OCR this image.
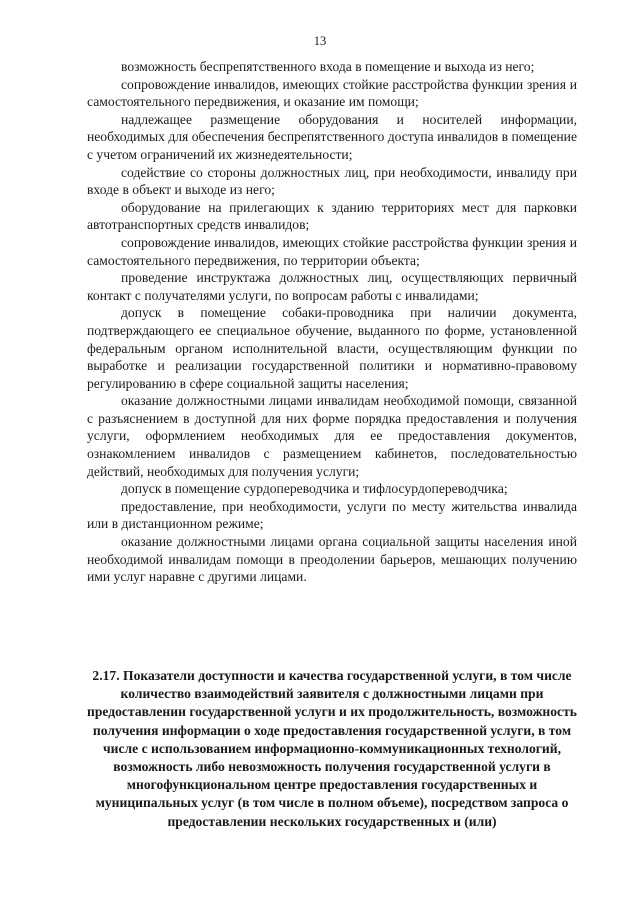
13

возможность беспрепятственного входа в помещение и выхода из него;

сопровождение инвалидов, имеющих стойкие расстройства функции зрения и самостоятельного передвижения, и оказание им помощи;

надлежащее размещение оборудования и носителей информации, необходимых для обеспечения беспрепятственного доступа инвалидов в помещение с учетом ограничений их жизнедеятельности;

содействие со стороны должностных лиц, при необходимости, инвалиду при входе в объект и выходе из него;

оборудование на прилегающих к зданию территориях мест для парковки автотранспортных средств инвалидов;

сопровождение инвалидов, имеющих стойкие расстройства функции зрения и самостоятельного передвижения, по территории объекта;

проведение инструктажа должностных лиц, осуществляющих первичный контакт с получателями услуги, по вопросам работы с инвалидами;

допуск в помещение собаки-проводника при наличии документа, подтверждающего ее специальное обучение, выданного по форме, установленной федеральным органом исполнительной власти, осуществляющим функции по выработке и реализации государственной политики и нормативно-правовому регулированию в сфере социальной защиты населения;

оказание должностными лицами инвалидам необходимой помощи, связанной с разъяснением в доступной для них форме порядка предоставления и получения услуги, оформлением необходимых для ее предоставления документов, ознакомлением инвалидов с размещением кабинетов, последовательностью действий, необходимых для получения услуги;

допуск в помещение сурдопереводчика и тифлосурдопереводчика;

предоставление, при необходимости, услуги по месту жительства инвалида или в дистанционном режиме;

оказание должностными лицами органа социальной защиты населения иной необходимой инвалидам помощи в преодолении барьеров, мешающих получению ими услуг наравне с другими лицами.

2.17. Показатели доступности и качества государственной услуги, в том числе количество взаимодействий заявителя с должностными лицами при предоставлении государственной услуги и их продолжительность, возможность получения информации о ходе предоставления государственной услуги, в том числе с использованием информационно-коммуникационных технологий, возможность либо невозможность получения государственной услуги в многофункциональном центре предоставления государственных и муниципальных услуг (в том числе в полном объеме), посредством запроса о предоставлении нескольких государственных и (или)
